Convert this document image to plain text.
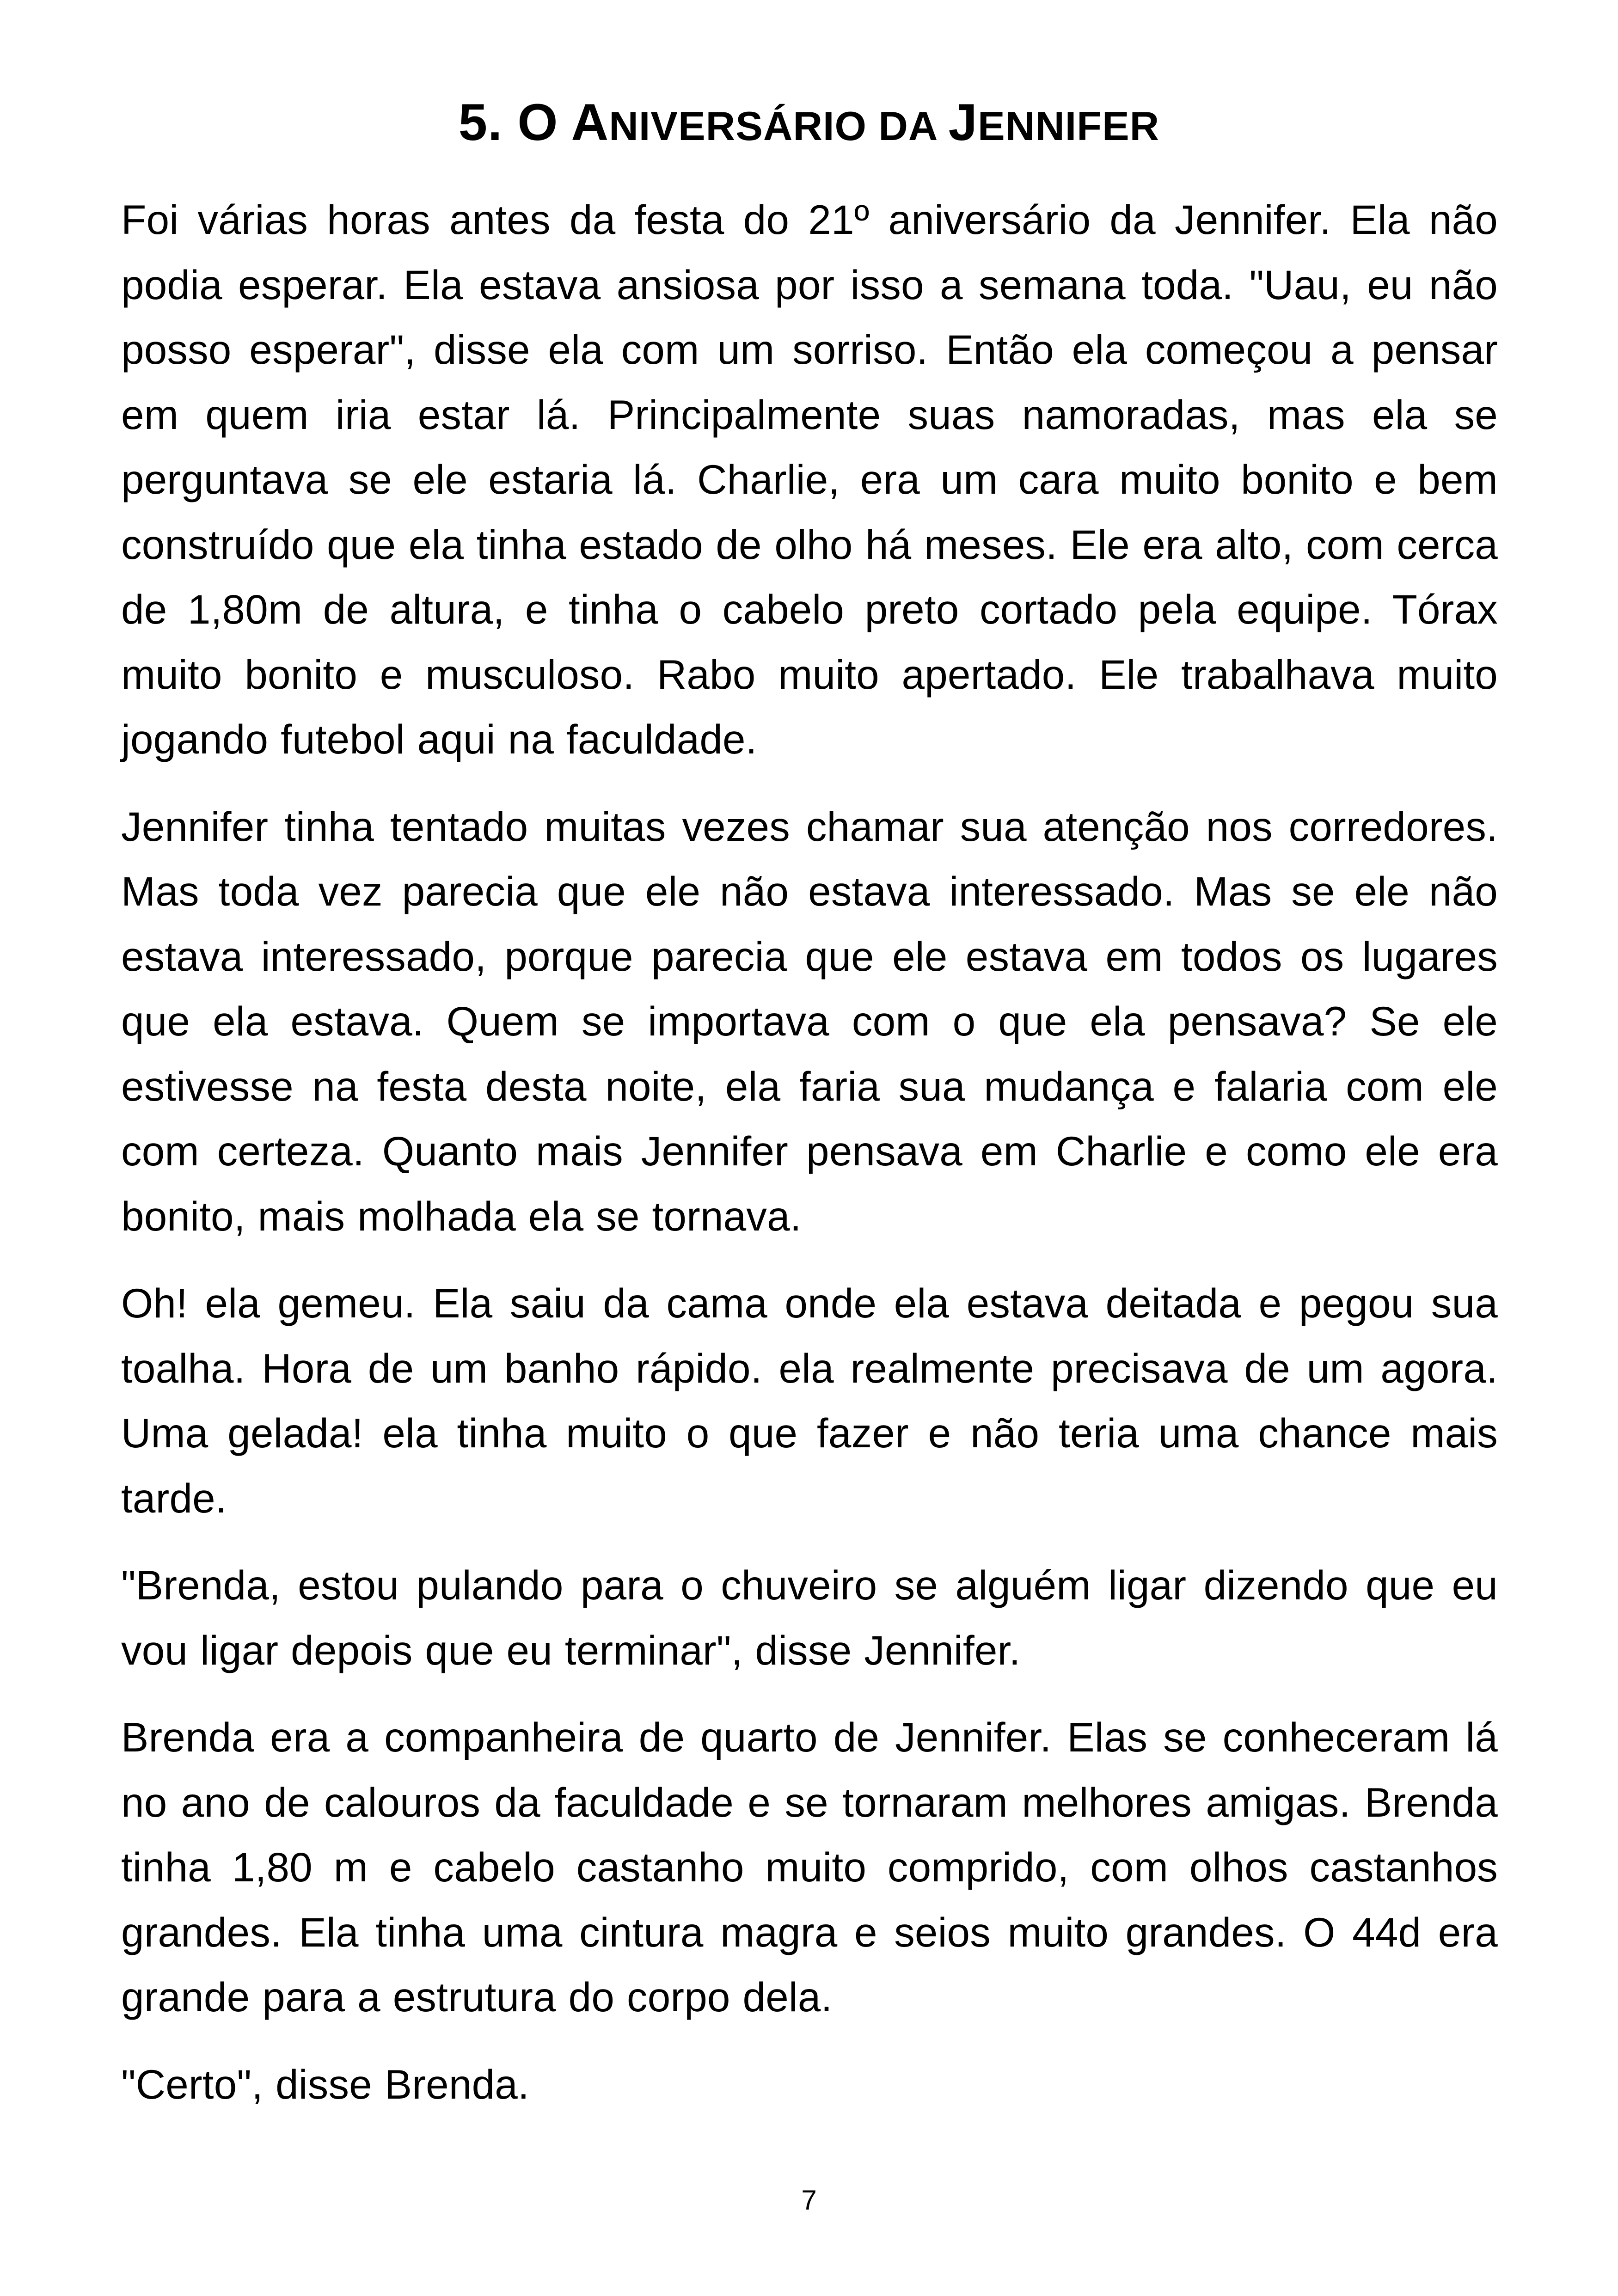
5. O ANIVERSÁRIO DA JENNIFER

Foi várias horas antes da festa do 21º aniversário da Jennifer. Ela não podia esperar. Ela estava ansiosa por isso a semana toda. "Uau, eu não posso esperar", disse ela com um sorriso. Então ela começou a pensar em quem iria estar lá. Principalmente suas namoradas, mas ela se perguntava se ele estaria lá. Charlie, era um cara muito bonito e bem construído que ela tinha estado de olho há meses. Ele era alto, com cerca de 1,80m de altura, e tinha o cabelo preto cortado pela equipe. Tórax muito bonito e musculoso. Rabo muito apertado. Ele trabalhava muito jogando futebol aqui na faculdade.

Jennifer tinha tentado muitas vezes chamar sua atenção nos corredores. Mas toda vez parecia que ele não estava interessado. Mas se ele não estava interessado, porque parecia que ele estava em todos os lugares que ela estava. Quem se importava com o que ela pensava? Se ele estivesse na festa desta noite, ela faria sua mudança e falaria com ele com certeza. Quanto mais Jennifer pensava em Charlie e como ele era bonito, mais molhada ela se tornava.

Oh! ela gemeu. Ela saiu da cama onde ela estava deitada e pegou sua toalha. Hora de um banho rápido. ela realmente precisava de um agora. Uma gelada! ela tinha muito o que fazer e não teria uma chance mais tarde.

"Brenda, estou pulando para o chuveiro se alguém ligar dizendo que eu vou ligar depois que eu terminar", disse Jennifer.

Brenda era a companheira de quarto de Jennifer. Elas se conheceram lá no ano de calouros da faculdade e se tornaram melhores amigas. Brenda tinha 1,80 m e cabelo castanho muito comprido, com olhos castanhos grandes. Ela tinha uma cintura magra e seios muito grandes. O 44d era grande para a estrutura do corpo dela.

"Certo", disse Brenda.

7
